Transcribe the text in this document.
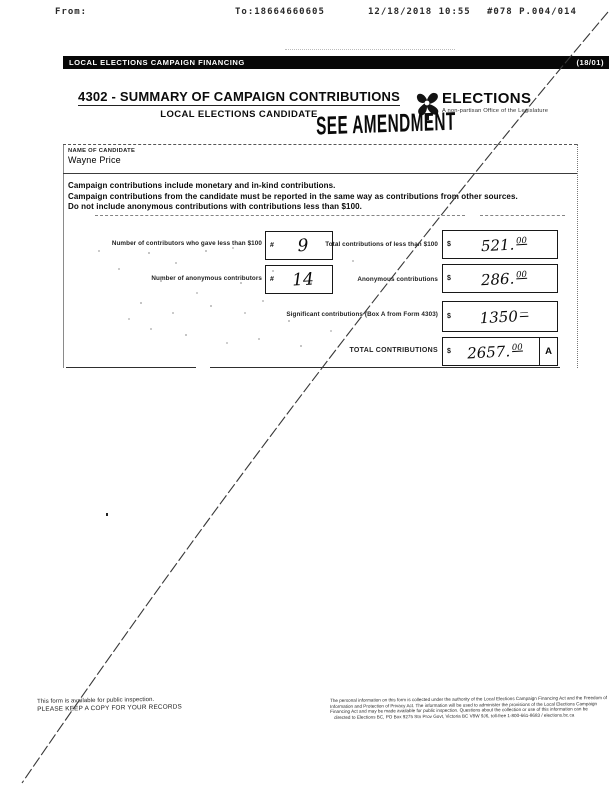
From:	To:18664660605	12/18/2018 10:55 #078 P.004/014
LOCAL ELECTIONS CAMPAIGN FINANCING	(18/01)
4302 - SUMMARY OF CAMPAIGN CONTRIBUTIONS
LOCAL ELECTIONS CANDIDATE
ELECTIONS
A non-partisan Office of the Legislature
SEE AMENDMENT
NAME OF CANDIDATE
Wayne Price
Campaign contributions include monetary and in-kind contributions.
Campaign contributions from the candidate must be reported in the same way as contributions from other sources.
Do not include anonymous contributions with contributions less than $100.
Number of contributors who gave less than $100	#	9	Total contributions of less than $100	$	521.00
Number of anonymous contributors	#	14	Anonymous contributions	$	286.00
Significant contributions (Box A from Form 4303)	$	1350—
TOTAL CONTRIBUTIONS	$	2657.00	A
This form is available for public inspection.
PLEASE KEEP A COPY FOR YOUR RECORDS
The personal information on this form is collected under the authority of the Local Elections Campaign Financing Act and the Freedom of
Information and Protection of Privacy Act. The information will be used to administer the provisions of the Local Elections Campaign
Financing Act and may be made available for public inspection. Questions about the collection or use of this information can be
directed to Elections BC, PO Box 9275 Stn Prov Govt, Victoria BC V8W 9J6, toll-free 1-800-661-8683 / elections.bc.ca
